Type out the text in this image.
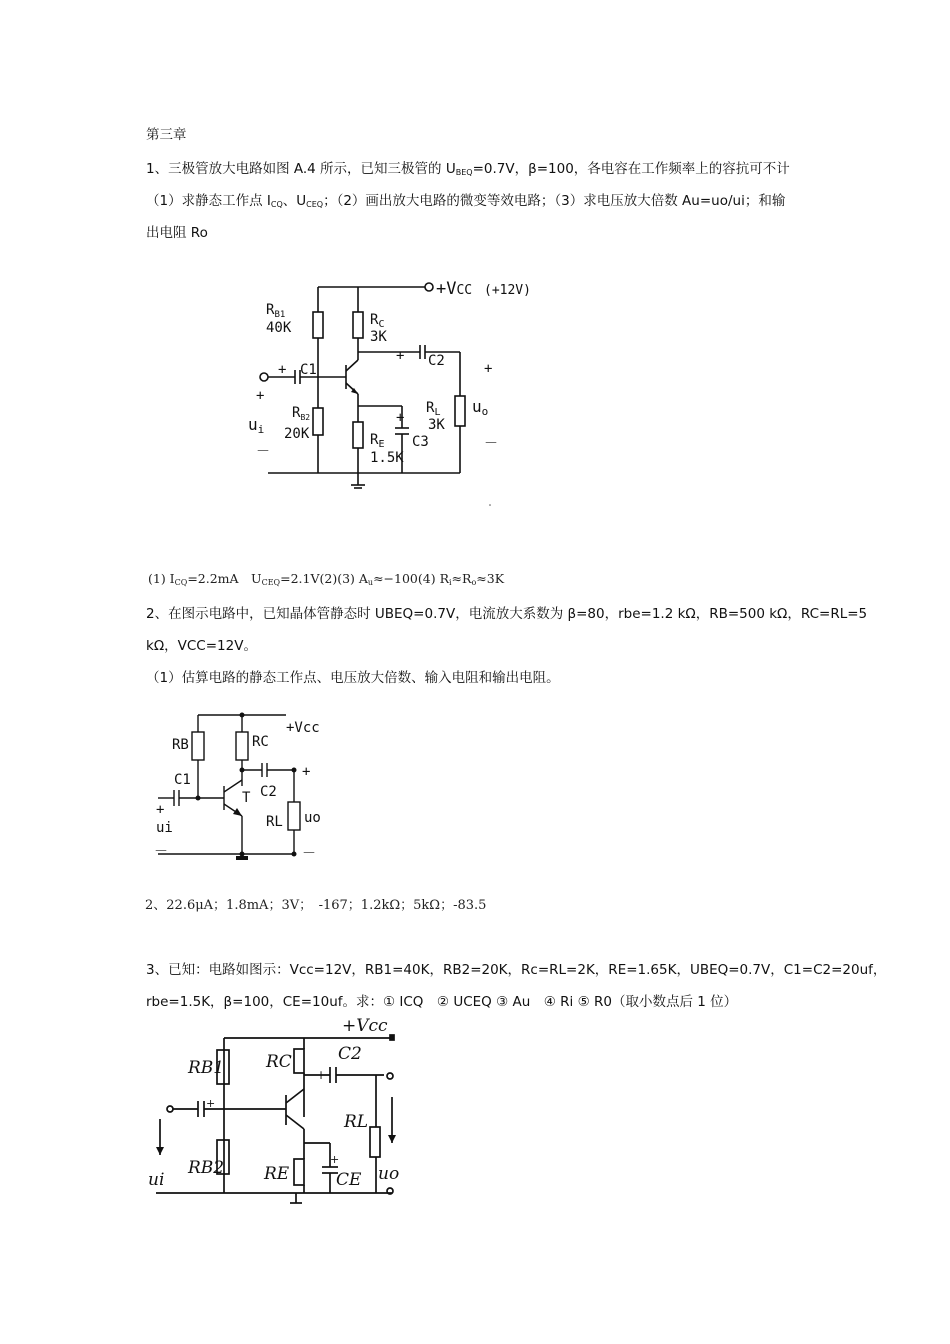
第三章
1、三极管放大电路如图 A.4 所示，已知三极管的 $U_{BEQ}=0.7V$，β=100，各电容在工作频率上的容抗可不计
（1）求静态工作点 $I_{CQ}$、$U_{CEQ}$；（2）画出放大电路的微变等效电路；（3）求电压放大倍数 Au=uo/ui；和输
出电阻 Ro
+VCC (+12V)
$R_{B1}$
40K	$R_C$
3K
+ C1
+ C2	+
+
$R_{B2}$
20K
ui
－
$R_L$
3K
uo
－
+
$R_E$
1.5K
C3
(1) $I_{CQ}=2.2mA$　$U_{CEQ}=2.1V(2)(3)$ $A_u\approx-100(4)$ $R_i\approx R_o\approx 3K$
2、在图示电路中，已知晶体管静态时 UBEQ=0.7V，电流放大系数为 β=80，rbe=1.2 kΩ，RB=500 kΩ，RC=RL=5
kΩ，VCC=12V。
（1）估算电路的静态工作点、电压放大倍数、输入电阻和输出电阻。
RB	RC
+Vcc
C1
C2
T
+
RL uo
－
+
ui
－
2、22.6μA；1.8mA；3V；　-167；1.2kΩ；5kΩ；-83.5
3、已知：电路如图示：Vcc=12V，RB1=40K，RB2=20K，Rc=RL=2K，RE=1.65K，UBEQ=0.7V，C1=C2=20uf，
rbe=1.5K，β=100，CE=10uf。求：① ICQ　② UCEQ ③ Au　④ Ri ⑤ R0（取小数点后 1 位）
+Vcc
RB1 RC
+
C2
+
RL
RB2 RE
+
CE
ui	uo
